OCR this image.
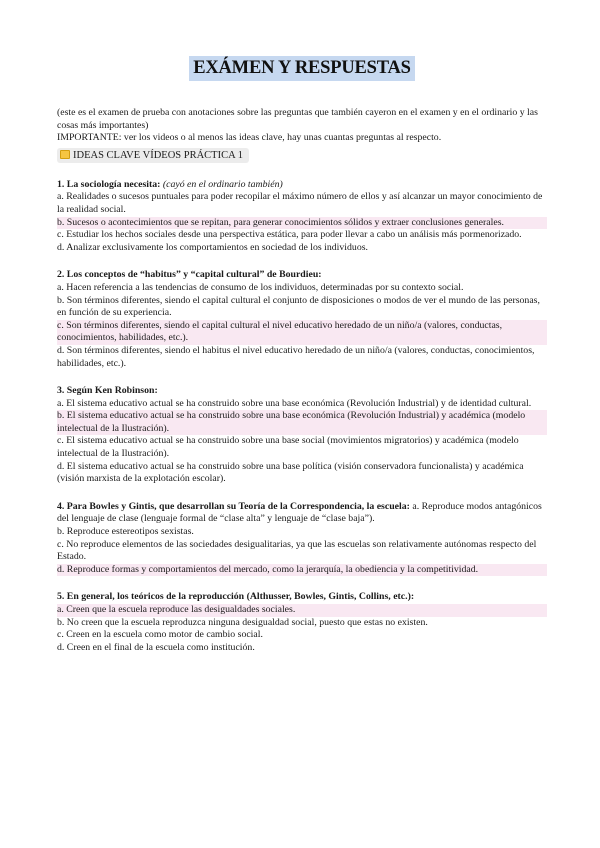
EXÁMEN Y RESPUESTAS
(este es el examen de prueba con anotaciones sobre las preguntas que también cayeron en el examen y en el ordinario y las cosas más importantes)
IMPORTANTE: ver los videos o al menos las ideas clave, hay unas cuantas preguntas al respecto.
IDEAS CLAVE VÍDEOS PRÁCTICA 1
1. La sociología necesita: (cayó en el ordinario también)
a. Realidades o sucesos puntuales para poder recopilar el máximo número de ellos y así alcanzar un mayor conocimiento de la realidad social.
b. Sucesos o acontecimientos que se repitan, para generar conocimientos sólidos y extraer conclusiones generales.
c. Estudiar los hechos sociales desde una perspectiva estática, para poder llevar a cabo un análisis más pormenorizado.
d. Analizar exclusivamente los comportamientos en sociedad de los individuos.
2. Los conceptos de “habitus” y “capital cultural” de Bourdieu:
a. Hacen referencia a las tendencias de consumo de los individuos, determinadas por su contexto social.
b. Son términos diferentes, siendo el capital cultural el conjunto de disposiciones o modos de ver el mundo de las personas, en función de su experiencia.
c. Son términos diferentes, siendo el capital cultural el nivel educativo heredado de un niño/a (valores, conductas, conocimientos, habilidades, etc.).
d. Son términos diferentes, siendo el habitus el nivel educativo heredado de un niño/a (valores, conductas, conocimientos, habilidades, etc.).
3. Según Ken Robinson:
a. El sistema educativo actual se ha construido sobre una base económica (Revolución Industrial) y de identidad cultural.
b. El sistema educativo actual se ha construido sobre una base económica (Revolución Industrial) y académica (modelo intelectual de la Ilustración).
c. El sistema educativo actual se ha construido sobre una base social (movimientos migratorios) y académica (modelo intelectual de la Ilustración).
d. El sistema educativo actual se ha construido sobre una base política (visión conservadora funcionalista) y académica (visión marxista de la explotación escolar).
4. Para Bowles y Gintis, que desarrollan su Teoría de la Correspondencia, la escuela: a. Reproduce modos antagónicos del lenguaje de clase (lenguaje formal de “clase alta” y lenguaje de “clase baja”).
b. Reproduce estereotipos sexistas.
c. No reproduce elementos de las sociedades desigualitarias, ya que las escuelas son relativamente autónomas respecto del Estado.
d. Reproduce formas y comportamientos del mercado, como la jerarquía, la obediencia y la competitividad.
5. En general, los teóricos de la reproducción (Althusser, Bowles, Gintis, Collins, etc.):
a. Creen que la escuela reproduce las desigualdades sociales.
b. No creen que la escuela reproduzca ninguna desigualdad social, puesto que estas no existen.
c. Creen en la escuela como motor de cambio social.
d. Creen en el final de la escuela como institución.
